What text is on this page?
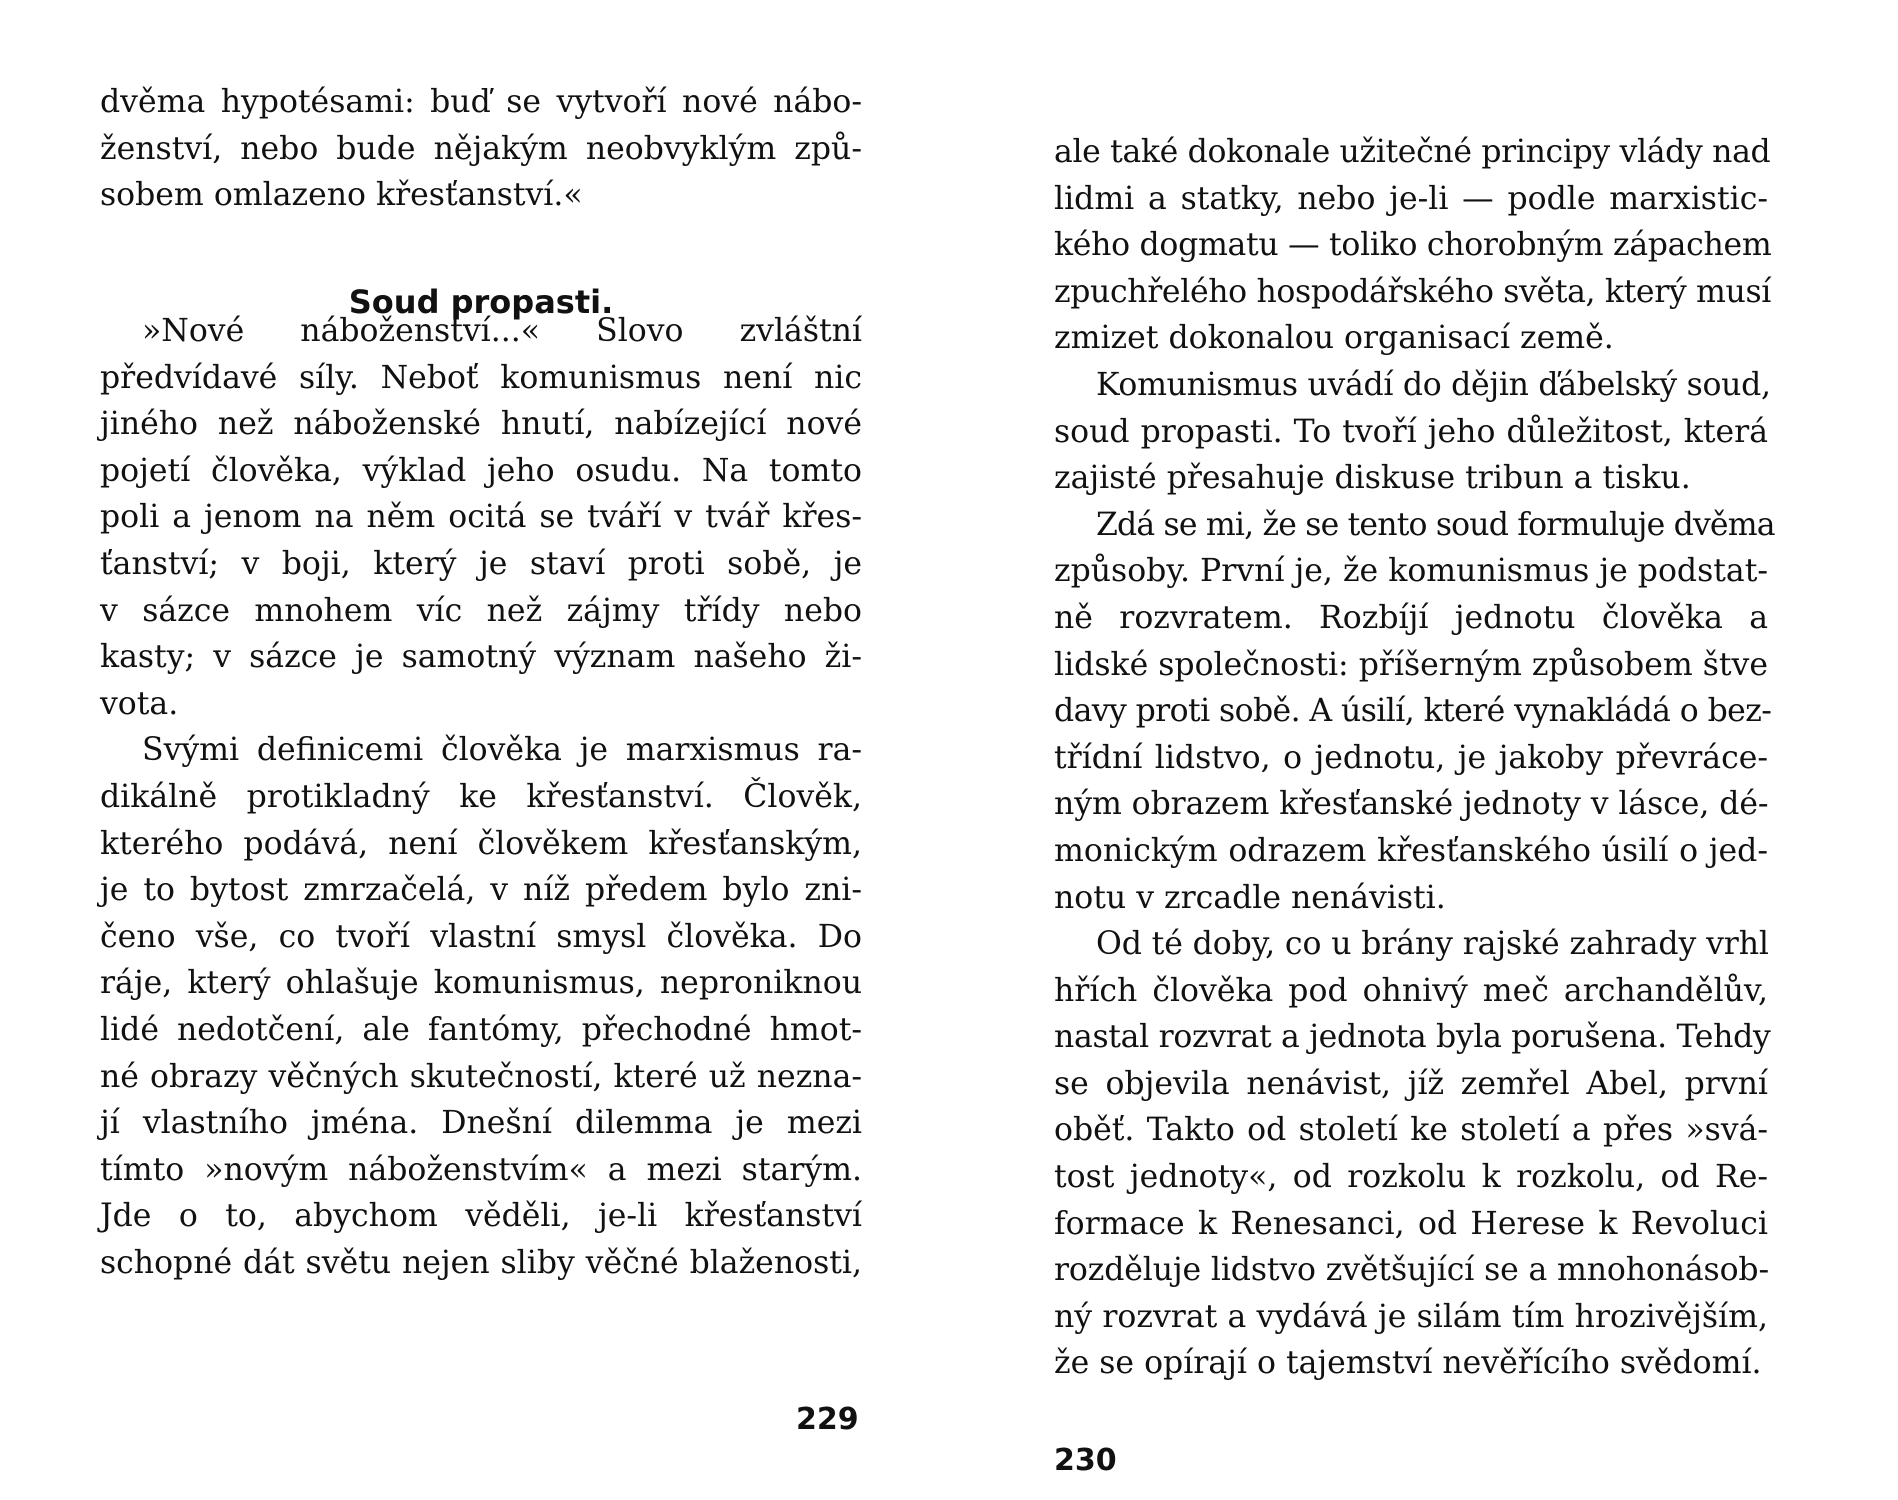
dvěma hypotésami: buď se vytvoří nové nábo-
ženství, nebo bude nějakým neobvyklým způ-
sobem omlazeno křesťanství.«
Soud propasti.
»Nové náboženství...« Slovo zvláštní
předvídavé síly. Neboť komunismus není nic
jiného než náboženské hnutí, nabízející nové
pojetí člověka, výklad jeho osudu. Na tomto
poli a jenom na něm ocitá se tváří v tvář křes-
ťanství; v boji, který je staví proti sobě, je
v sázce mnohem víc než zájmy třídy nebo
kasty; v sázce je samotný význam našeho ži-
vota.
Svými definicemi člověka je marxismus ra-
dikálně protikladný ke křesťanství. Člověk,
kterého podává, není člověkem křesťanským,
je to bytost zmrzačelá, v níž předem bylo zni-
čeno vše, co tvoří vlastní smysl člověka. Do
ráje, který ohlašuje komunismus, neproniknou
lidé nedotčení, ale fantómy, přechodné hmot-
né obrazy věčných skutečností, které už nezna-
jí vlastního jména. Dnešní dilemma je mezi
tímto »novým náboženstvím« a mezi starým.
Jde o to, abychom věděli, je-li křesťanství
schopné dát světu nejen sliby věčné blaženosti,
229
ale také dokonale užitečné principy vlády nad
lidmi a statky, nebo je-li — podle marxistic-
kého dogmatu — toliko chorobným zápachem
zpuchřelého hospodářského světa, který musí
zmizet dokonalou organisací země.
Komunismus uvádí do dějin ďábelský soud,
soud propasti. To tvoří jeho důležitost, která
zajisté přesahuje diskuse tribun a tisku.
Zdá se mi, že se tento soud formuluje dvěma
způsoby. První je, že komunismus je podstat-
ně rozvratem. Rozbíjí jednotu člověka a
lidské společnosti: příšerným způsobem štve
davy proti sobě. A úsilí, které vynakládá o bez-
třídní lidstvo, o jednotu, je jakoby převráce-
ným obrazem křesťanské jednoty v lásce, dé-
monickým odrazem křesťanského úsilí o jed-
notu v zrcadle nenávisti.
Od té doby, co u brány rajské zahrady vrhl
hřích člověka pod ohnivý meč archandělův,
nastal rozvrat a jednota byla porušena. Tehdy
se objevila nenávist, jíž zemřel Abel, první
oběť. Takto od století ke století a přes »svá-
tost jednoty«, od rozkolu k rozkolu, od Re-
formace k Renesanci, od Herese k Revoluci
rozděluje lidstvo zvětšující se a mnohonásob-
ný rozvrat a vydává je silám tím hrozivějším,
že se opírají o tajemství nevěřícího svědomí.
230
